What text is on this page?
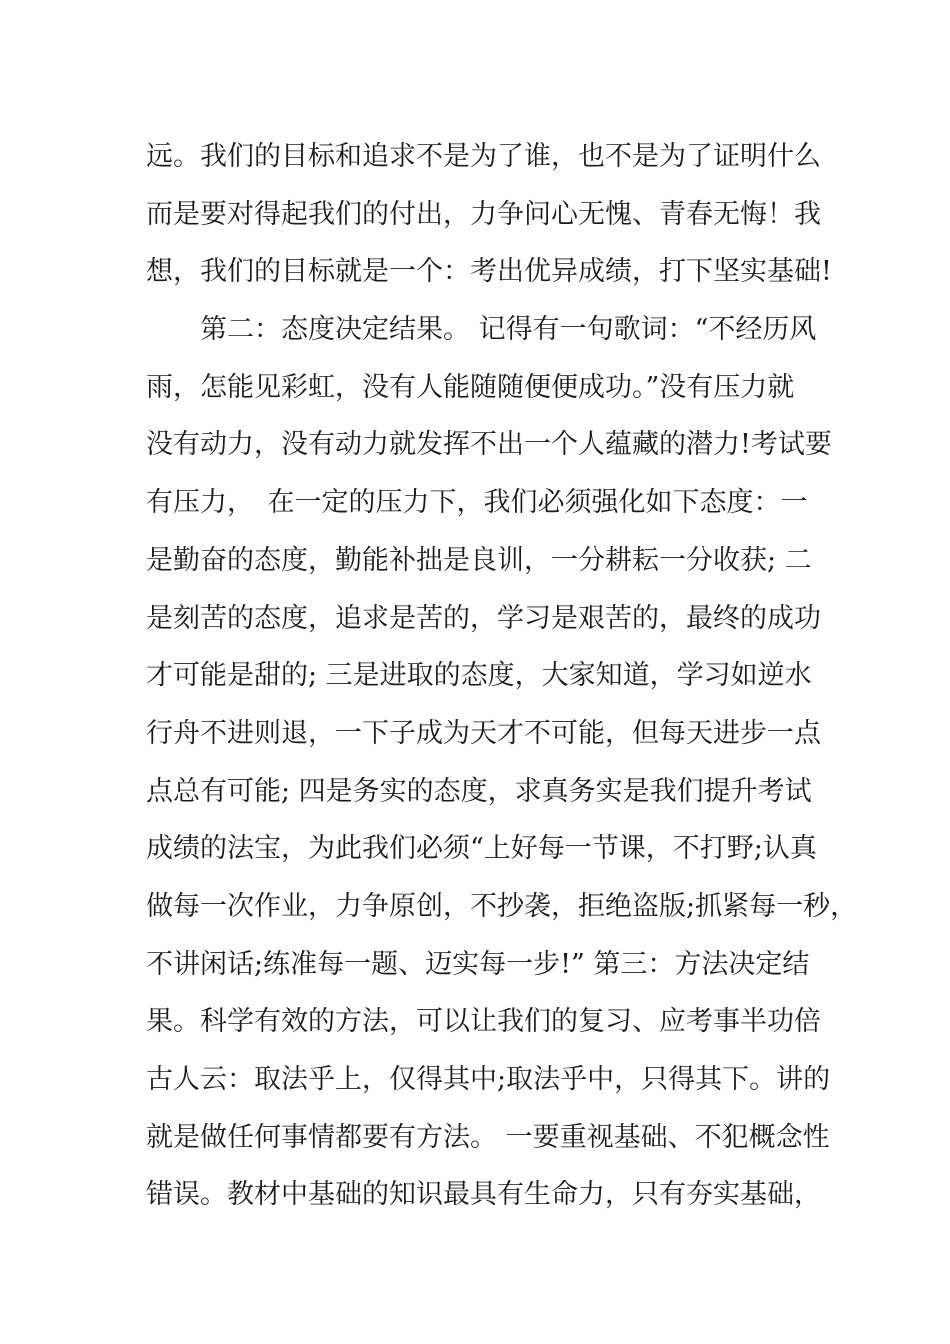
远。我们的目标和追求不是为了谁，也不是为了证明什么
而是要对得起我们的付出，力争问心无愧、青春无悔！我
想，我们的目标就是一个：考出优异成绩，打下坚实基础!
　　第二：态度决定结果。 记得有一句歌词：“不经历风
雨，怎能见彩虹，没有人能随随便便成功。”没有压力就
没有动力，没有动力就发挥不出一个人蕴藏的潜力!考试要
有压力，　在一定的压力下，我们必须强化如下态度：一
是勤奋的态度，勤能补拙是良训，一分耕耘一分收获; 二
是刻苦的态度，追求是苦的，学习是艰苦的，最终的成功
才可能是甜的; 三是进取的态度，大家知道，学习如逆水
行舟不进则退，一下子成为天才不可能，但每天进步一点
点总有可能; 四是务实的态度，求真务实是我们提升考试
成绩的法宝，为此我们必须“上好每一节课，不打野;认真
做每一次作业，力争原创，不抄袭，拒绝盗版;抓紧每一秒，
不讲闲话;练准每一题、迈实每一步!” 第三：方法决定结
果。科学有效的方法，可以让我们的复习、应考事半功倍
古人云：取法乎上，仅得其中;取法乎中，只得其下。讲的
就是做任何事情都要有方法。 一要重视基础、不犯概念性
错误。教材中基础的知识最具有生命力，只有夯实基础，
